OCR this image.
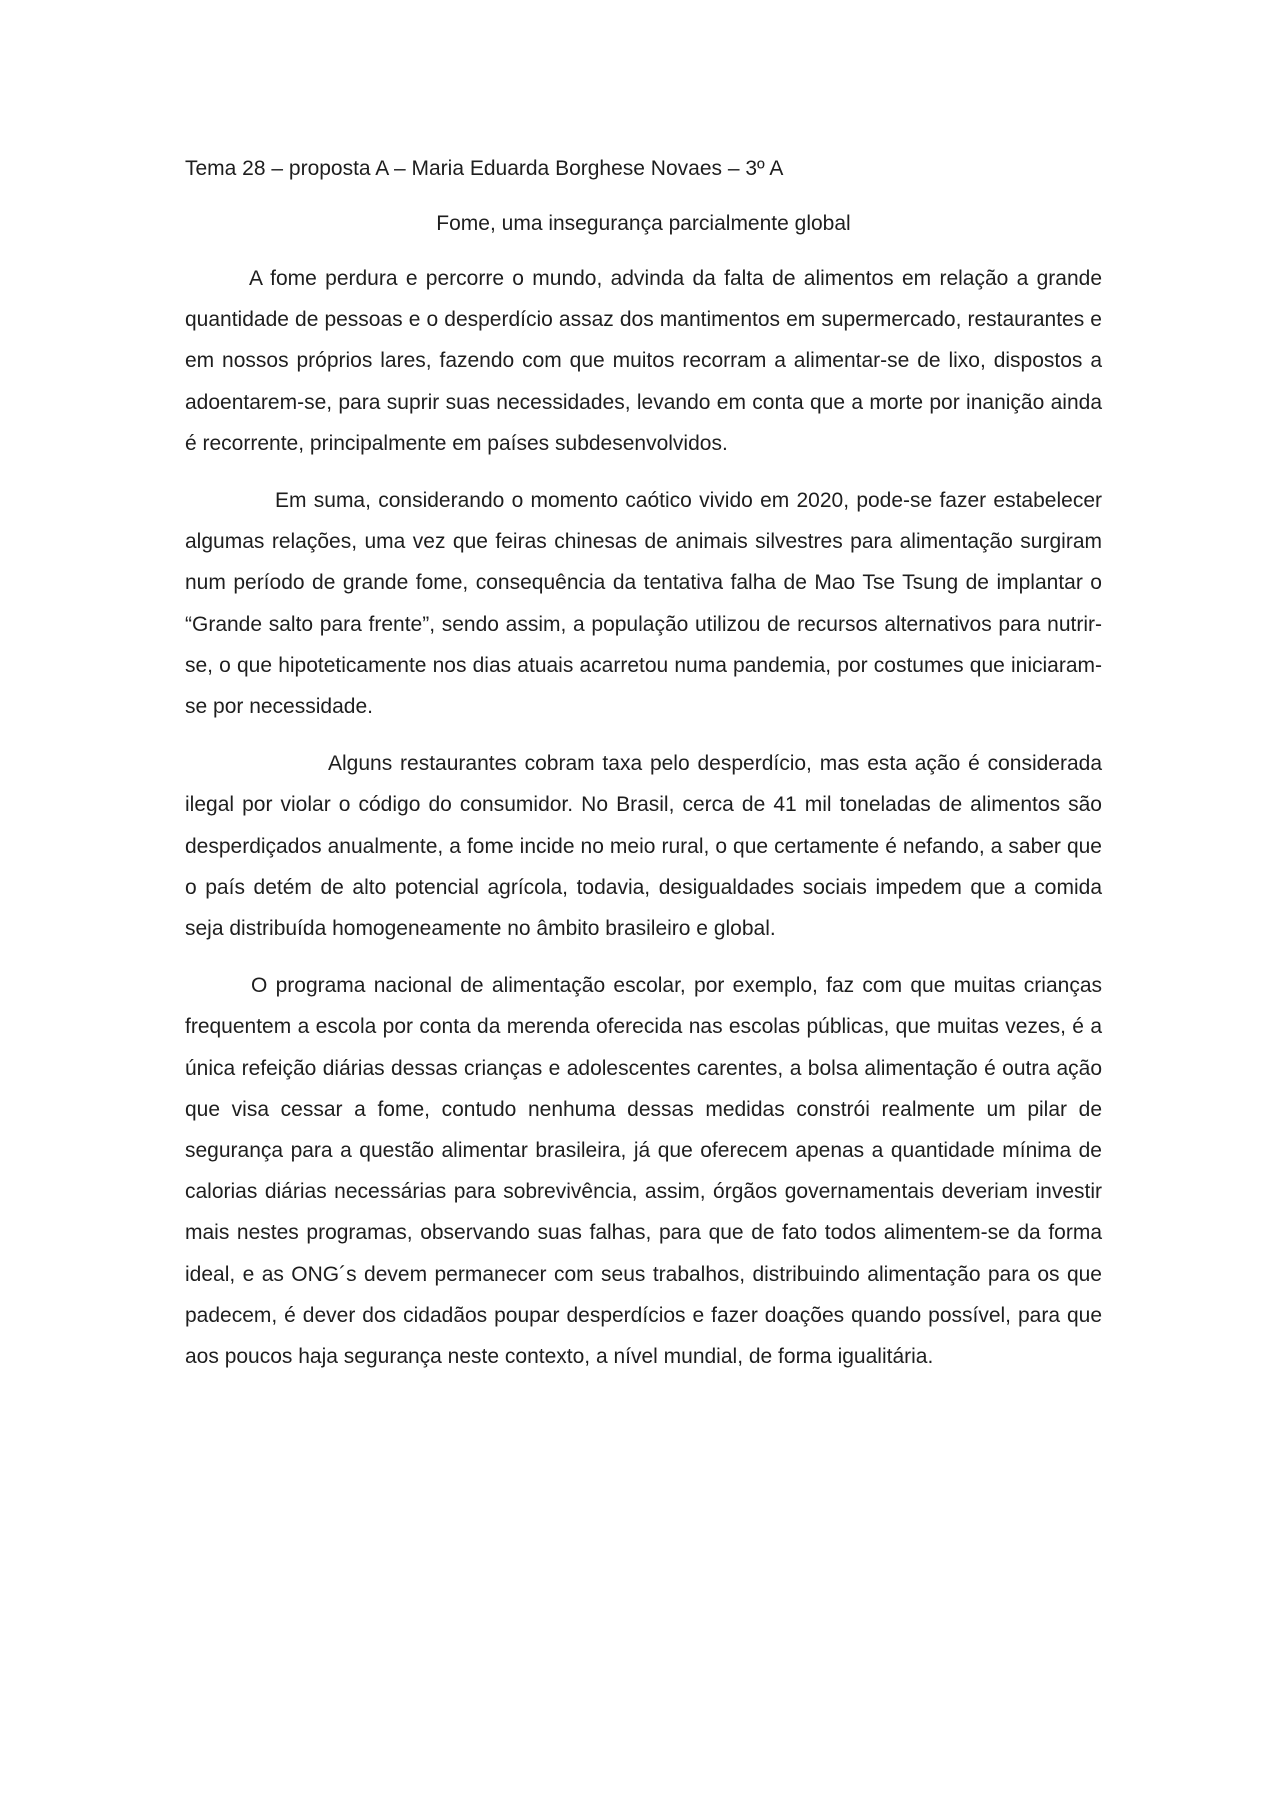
Tema 28 – proposta A – Maria Eduarda Borghese Novaes – 3º A

Fome, uma insegurança parcialmente global

A fome perdura e percorre o mundo, advinda da falta de alimentos em relação a grande quantidade de pessoas e o desperdício assaz dos mantimentos em supermercado, restaurantes e em nossos próprios lares, fazendo com que muitos recorram a alimentar-se de lixo, dispostos a adoentarem-se, para suprir suas necessidades, levando em conta que a morte por inanição ainda é recorrente, principalmente em países subdesenvolvidos.

Em suma, considerando o momento caótico vivido em 2020, pode-se fazer estabelecer algumas relações, uma vez que feiras chinesas de animais silvestres para alimentação surgiram num período de grande fome, consequência da tentativa falha de Mao Tse Tsung de implantar o “Grande salto para frente”, sendo assim, a população utilizou de recursos alternativos para nutrir-se, o que hipoteticamente nos dias atuais acarretou numa pandemia, por costumes que iniciaram-se por necessidade.

Alguns restaurantes cobram taxa pelo desperdício, mas esta ação é considerada ilegal por violar o código do consumidor. No Brasil, cerca de 41 mil toneladas de alimentos são desperdiçados anualmente, a fome incide no meio rural, o que certamente é nefando, a saber que o país detém de alto potencial agrícola, todavia, desigualdades sociais impedem que a comida seja distribuída homogeneamente no âmbito brasileiro e global.

O programa nacional de alimentação escolar, por exemplo, faz com que muitas crianças frequentem a escola por conta da merenda oferecida nas escolas públicas, que muitas vezes, é a única refeição diárias dessas crianças e adolescentes carentes, a bolsa alimentação é outra ação que visa cessar a fome, contudo nenhuma dessas medidas constrói realmente um pilar de segurança para a questão alimentar brasileira, já que oferecem apenas a quantidade mínima de calorias diárias necessárias para sobrevivência, assim, órgãos governamentais deveriam investir mais nestes programas, observando suas falhas, para que de fato todos alimentem-se da forma ideal, e as ONG´s devem permanecer com seus trabalhos, distribuindo alimentação para os que padecem, é dever dos cidadãos poupar desperdícios e fazer doações quando possível, para que aos poucos haja segurança neste contexto, a nível mundial, de forma igualitária.
